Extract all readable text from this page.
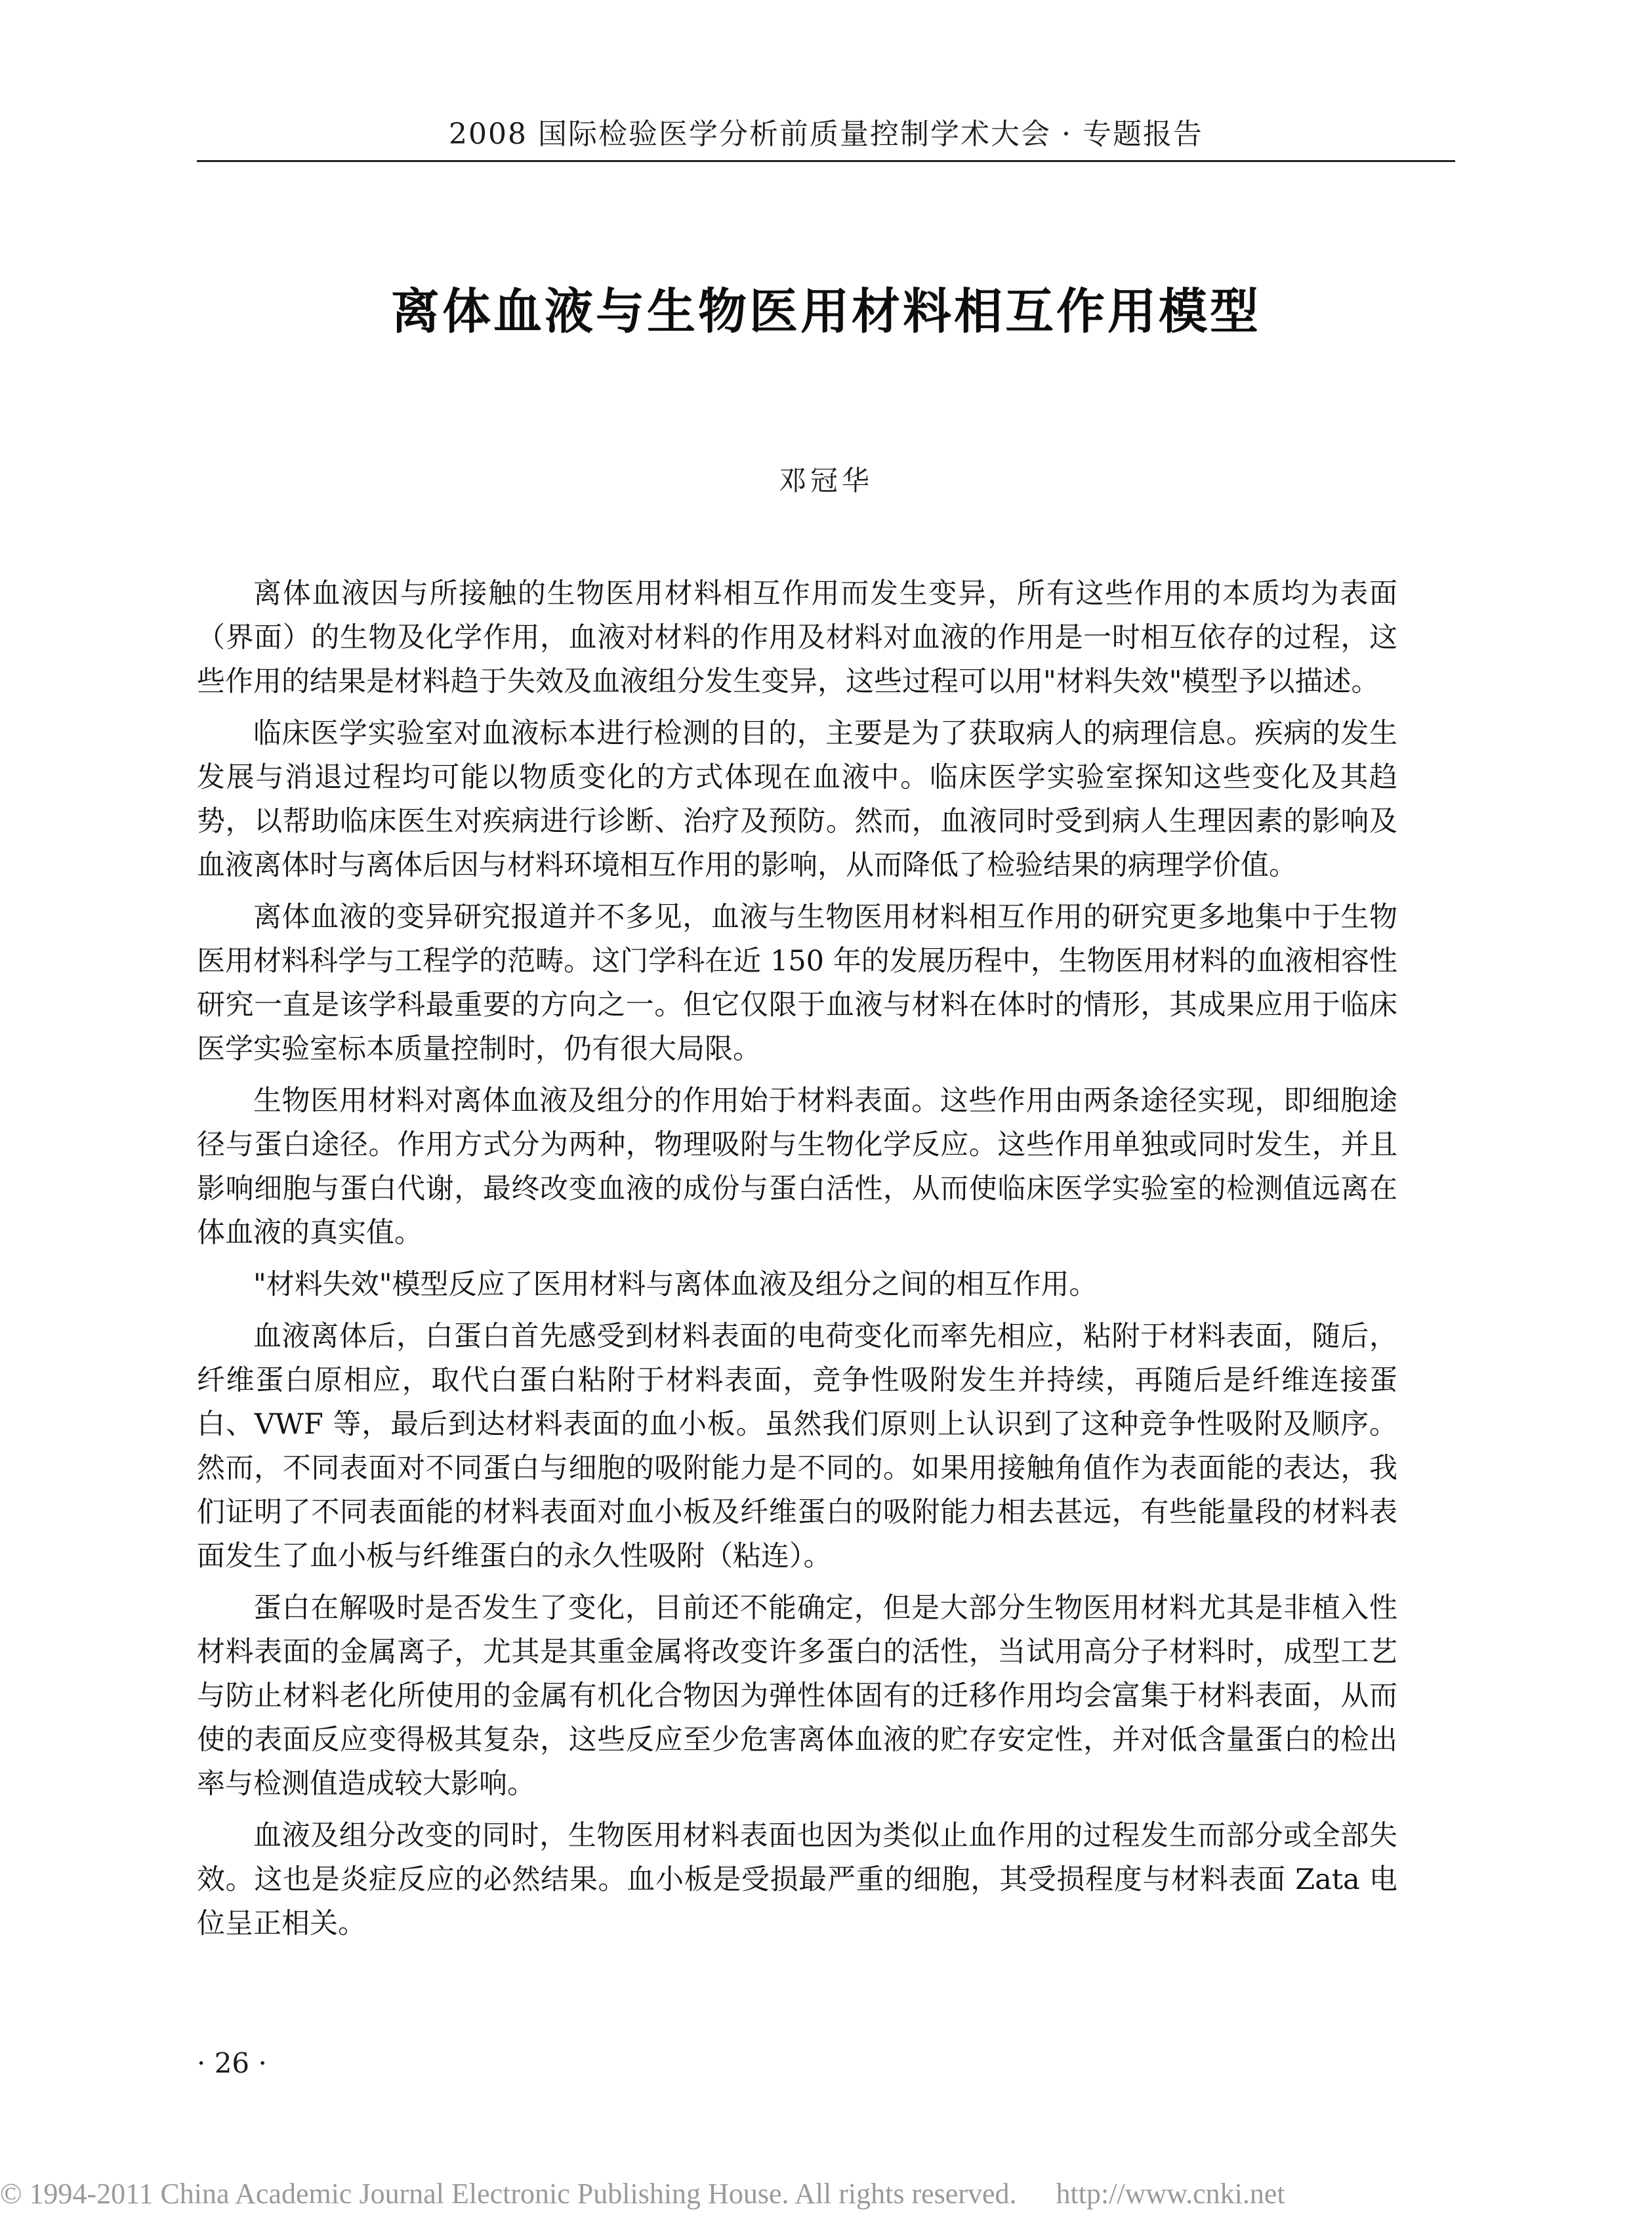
2008 国际检验医学分析前质量控制学术大会 · 专题报告
离体血液与生物医用材料相互作用模型
邓冠华

离体血液因与所接触的生物医用材料相互作用而发生变异，所有这些作用的本质均为表面（界面）的生物及化学作用，血液对材料的作用及材料对血液的作用是一时相互依存的过程，这些作用的结果是材料趋于失效及血液组分发生变异，这些过程可以用"材料失效"模型予以描述。

临床医学实验室对血液标本进行检测的目的，主要是为了获取病人的病理信息。疾病的发生发展与消退过程均可能以物质变化的方式体现在血液中。临床医学实验室探知这些变化及其趋势，以帮助临床医生对疾病进行诊断、治疗及预防。然而，血液同时受到病人生理因素的影响及血液离体时与离体后因与材料环境相互作用的影响，从而降低了检验结果的病理学价值。

离体血液的变异研究报道并不多见，血液与生物医用材料相互作用的研究更多地集中于生物医用材料科学与工程学的范畴。这门学科在近 150 年的发展历程中，生物医用材料的血液相容性研究一直是该学科最重要的方向之一。但它仅限于血液与材料在体时的情形，其成果应用于临床医学实验室标本质量控制时，仍有很大局限。

生物医用材料对离体血液及组分的作用始于材料表面。这些作用由两条途径实现，即细胞途径与蛋白途径。作用方式分为两种，物理吸附与生物化学反应。这些作用单独或同时发生，并且影响细胞与蛋白代谢，最终改变血液的成份与蛋白活性，从而使临床医学实验室的检测值远离在体血液的真实值。

"材料失效"模型反应了医用材料与离体血液及组分之间的相互作用。

血液离体后，白蛋白首先感受到材料表面的电荷变化而率先相应，粘附于材料表面，随后，纤维蛋白原相应，取代白蛋白粘附于材料表面，竞争性吸附发生并持续，再随后是纤维连接蛋白、VWF 等，最后到达材料表面的血小板。虽然我们原则上认识到了这种竞争性吸附及顺序。然而，不同表面对不同蛋白与细胞的吸附能力是不同的。如果用接触角值作为表面能的表达，我们证明了不同表面能的材料表面对血小板及纤维蛋白的吸附能力相去甚远，有些能量段的材料表面发生了血小板与纤维蛋白的永久性吸附（粘连）。

蛋白在解吸时是否发生了变化，目前还不能确定，但是大部分生物医用材料尤其是非植入性材料表面的金属离子，尤其是其重金属将改变许多蛋白的活性，当试用高分子材料时，成型工艺与防止材料老化所使用的金属有机化合物因为弹性体固有的迁移作用均会富集于材料表面，从而使的表面反应变得极其复杂，这些反应至少危害离体血液的贮存安定性，并对低含量蛋白的检出率与检测值造成较大影响。

血液及组分改变的同时，生物医用材料表面也因为类似止血作用的过程发生而部分或全部失效。这也是炎症反应的必然结果。血小板是受损最严重的细胞，其受损程度与材料表面 Zata 电位呈正相关。

· 26 ·
© 1994-2011 China Academic Journal Electronic Publishing House. All rights reserved. http://www.cnki.net
